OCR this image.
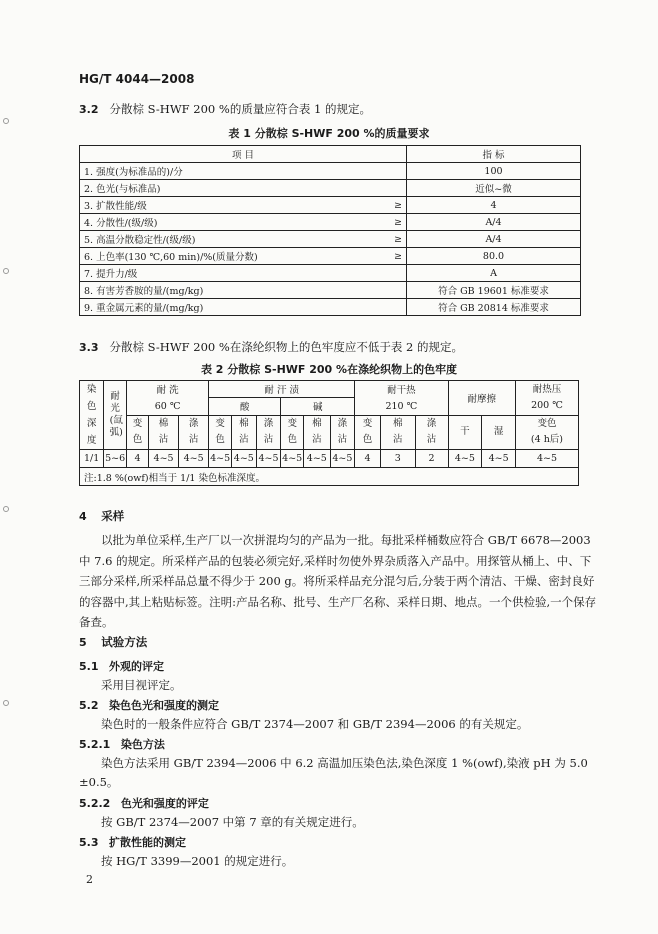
HG/T 4044—2008
3.2 分散棕 S-HWF 200 %的质量应符合表 1 的规定。
表 1 分散棕 S-HWF 200 %的质量要求
项 目		指 标
1. 强度(为标准品的)/分		100
2. 色光(与标准品)		近似~微
3. 扩散性能/级	≥	4
4. 分散性/(级/级)	≥	A/4
5. 高温分散稳定性/(级/级)	≥	A/4
6. 上色率(130 ℃,60 min)/%(质量分数)	≥	80.0
7. 提升力/级		A
8. 有害芳香胺的量/(mg/kg)		符合 GB 19601 标准要求
9. 重金属元素的量/(mg/kg)		符合 GB 20814 标准要求
3.3 分散棕 S-HWF 200 %在涤纶织物上的色牢度应不低于表 2 的规定。
表 2 分散棕 S-HWF 200 %在涤纶织物上的色牢度
染色深度	耐光(氙弧)	耐 洗			耐 汗 渍						耐干热			耐摩擦		耐热压
200 ℃
		60 ℃			酸			碱			210 ℃					
		变色	棉沾	涤沾	变色	棉沾	涤沾	变色	棉沾	涤沾	变色	棉沾	涤沾	干	湿	变色
(4 h后)
1/1	5~6	4	4~5	4~5	4~5	4~5	4~5	4~5	4~5	4~5	4	3	2	4~5	4~5	4~5
注:1.8 %(owf)相当于 1/1 染色标准深度。																
4 采样
以批为单位采样,生产厂以一次拼混均匀的产品为一批。每批采样桶数应符合 GB/T 6678—2003
中 7.6 的规定。所采样产品的包装必须完好,采样时勿使外界杂质落入产品中。用探管从桶上、中、下
三部分采样,所采样品总量不得少于 200 g。将所采样品充分混匀后,分装于两个清洁、干燥、密封良好
的容器中,其上粘贴标签。注明:产品名称、批号、生产厂名称、采样日期、地点。一个供检验,一个保存
备查。
5 试验方法
5.1 外观的评定
采用目视评定。
5.2 染色色光和强度的测定
染色时的一般条件应符合 GB/T 2374—2007 和 GB/T 2394—2006 的有关规定。
5.2.1 染色方法
染色方法采用 GB/T 2394—2006 中 6.2 高温加压染色法,染色深度 1 %(owf),染液 pH 为 5.0
±0.5。
5.2.2 色光和强度的评定
按 GB/T 2374—2007 中第 7 章的有关规定进行。
5.3 扩散性能的测定
按 HG/T 3399—2001 的规定进行。
2
